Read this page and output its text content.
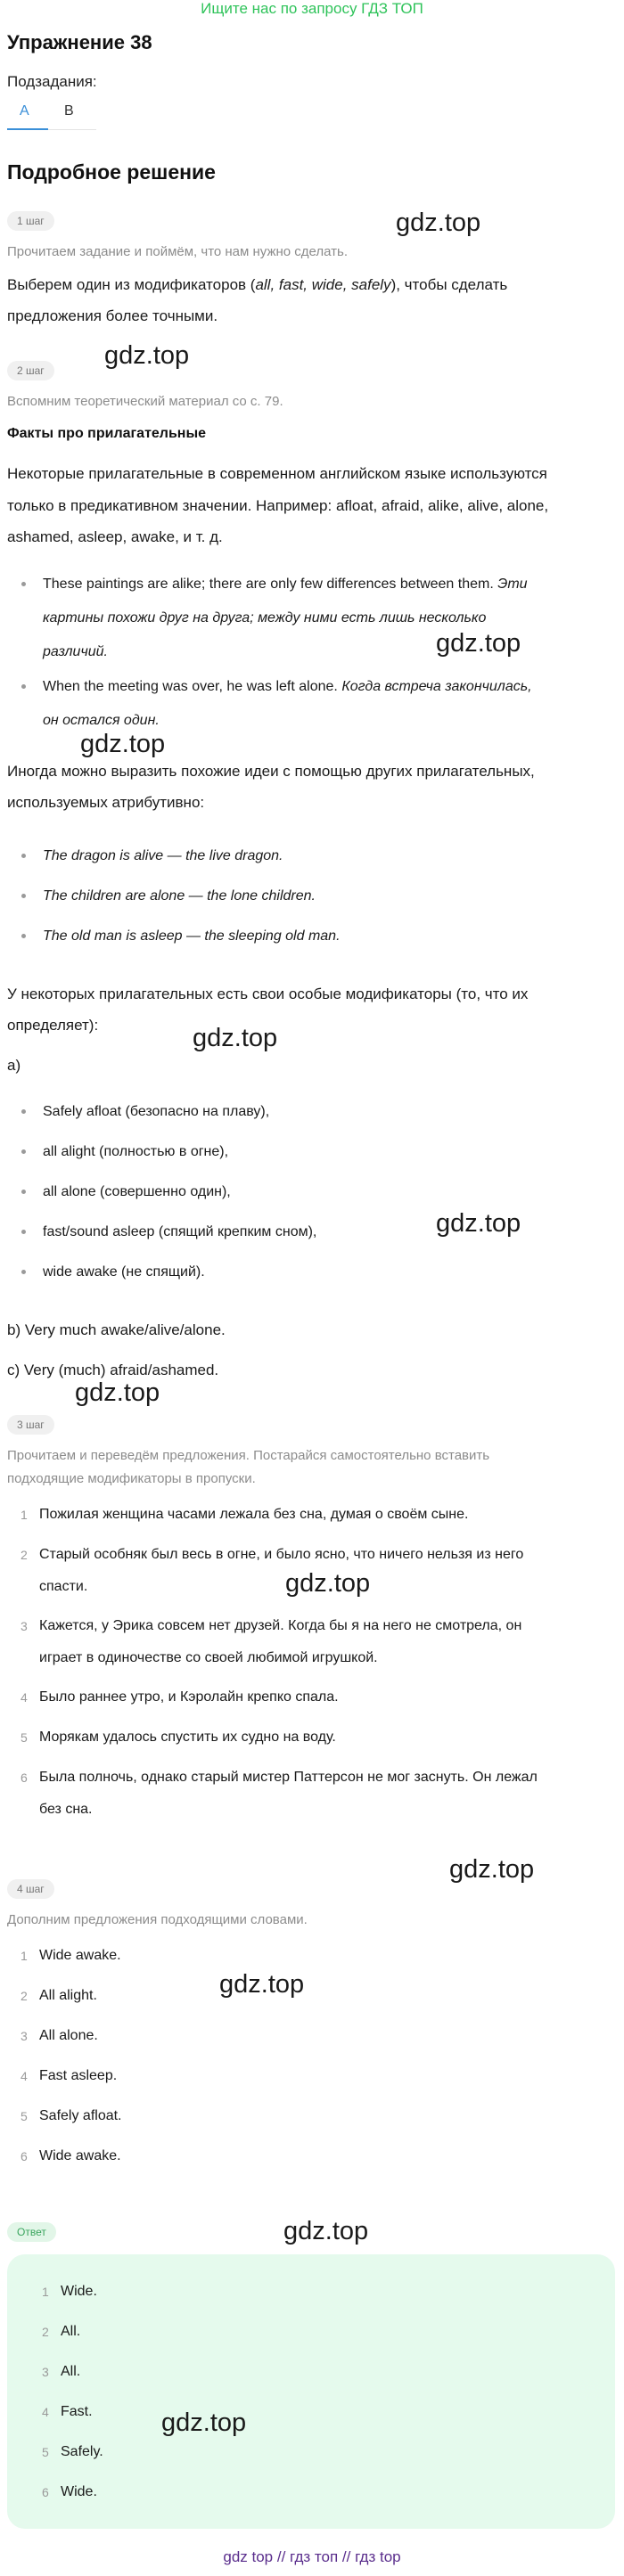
Ищите нас по запросу ГДЗ ТОП
Упражнение 38
Подзадания:
A B
Подробное решение
1 шаг
Прочитаем задание и поймём, что нам нужно сделать.
Выберем один из модификаторов (all, fast, wide, safely), чтобы сделать
предложения более точными.
2 шаг
Вспомним теоретический материал со с. 79.
Факты про прилагательные
Некоторые прилагательные в современном английском языке используются
только в предикативном значении. Например: afloat, afraid, alike, alive, alone,
ashamed, asleep, awake, и т. д.
These paintings are alike; there are only few differences between them. Эти
картины похожи друг на друга; между ними есть лишь несколько
различий.
When the meeting was over, he was left alone. Когда встреча закончилась,
он остался один.
Иногда можно выразить похожие идеи с помощью других прилагательных,
используемых атрибутивно:
The dragon is alive — the live dragon.
The children are alone — the lone children.
The old man is asleep — the sleeping old man.
У некоторых прилагательных есть свои особые модификаторы (то, что их
определяет):
а)
Safely afloat (безопасно на плаву),
all alight (полностью в огне),
all alone (совершенно один),
fast/sound asleep (спящий крепким сном),
wide awake (не спящий).
b) Very much awake/alive/alone.
c) Very (much) afraid/ashamed.
3 шаг
Прочитаем и переведём предложения. Постарайся самостоятельно вставить
подходящие модификаторы в пропуски.
1 Пожилая женщина часами лежала без сна, думая о своём сыне.
2 Старый особняк был весь в огне, и было ясно, что ничего нельзя из него
спасти.
3 Кажется, у Эрика совсем нет друзей. Когда бы я на него не смотрела, он
играет в одиночестве со своей любимой игрушкой.
4 Было раннее утро, и Кэролайн крепко спала.
5 Морякам удалось спустить их судно на воду.
6 Была полночь, однако старый мистер Паттерсон не мог заснуть. Он лежал
без сна.
4 шаг
Дополним предложения подходящими словами.
1 Wide awake.
2 All alight.
3 All alone.
4 Fast asleep.
5 Safely afloat.
6 Wide awake.
Ответ
1 Wide.
2 All.
3 All.
4 Fast.
5 Safely.
6 Wide.
gdz.top
gdz.top
gdz.top
gdz.top
gdz.top
gdz.top
gdz.top
gdz.top
gdz.top
gdz.top
gdz.top
gdz.top
gdz top // гдз топ // гдз top
